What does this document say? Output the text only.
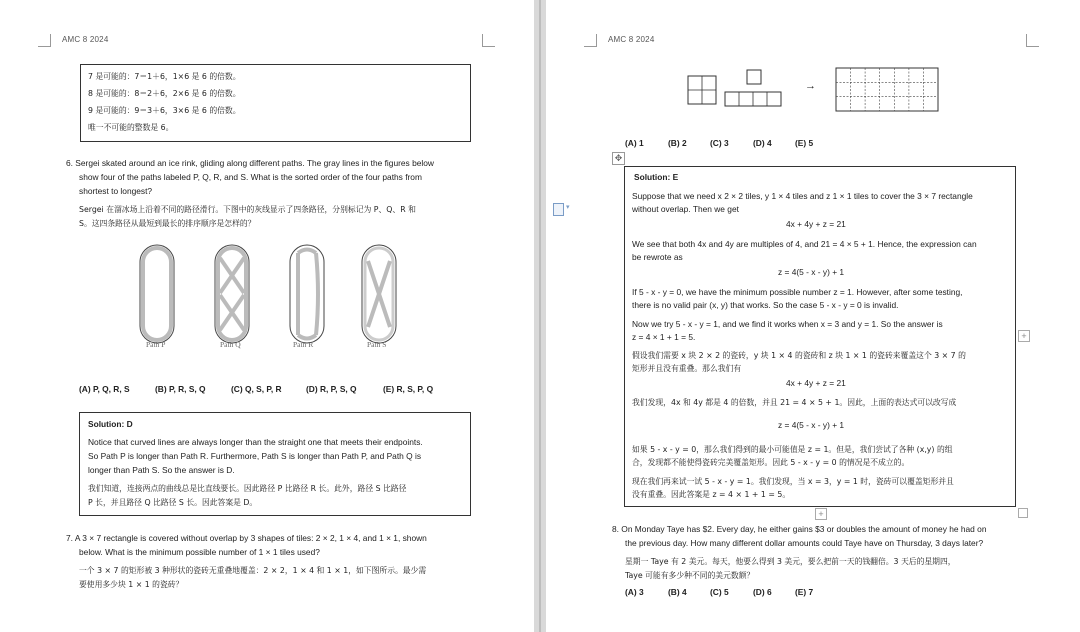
AMC 8 2024
7 是可能的：7＝1＋6，1×6 是 6 的倍数。
8 是可能的：8＝2＋6，2×6 是 6 的倍数。
9 是可能的：9＝3＋6，3×6 是 6 的倍数。
唯一不可能的整数是 6。
6. Sergei skated around an ice rink, gliding along different paths. The gray lines in the figures below
show four of the paths labeled P, Q, R, and S. What is the sorted order of the four paths from
shortest to longest?
Sergei 在溜冰场上沿着不同的路径滑行。下图中的灰线显示了四条路径，分别标记为 P、Q、R 和
S。这四条路径从最短到最长的排序顺序是怎样的？
Path P	Path Q	Path R	Path S
(A) P, Q, R, S	(B) P, R, S, Q	(C) Q, S, P, R	(D) R, P, S, Q	(E) R, S, P, Q
Solution: D
Notice that curved lines are always longer than the straight one that meets their endpoints.
So Path P is longer than Path R. Furthermore, Path S is longer than Path P, and Path Q is
longer than Path S. So the answer is D.
我们知道，连接两点的曲线总是比直线要长。因此路径 P 比路径 R 长。此外，路径 S 比路径
P 长，并且路径 Q 比路径 S 长。因此答案是 D。
7. A 3 × 7 rectangle is covered without overlap by 3 shapes of tiles: 2 × 2, 1 × 4, and 1 × 1, shown
below. What is the minimum possible number of 1 × 1 tiles used?
一个 3 × 7 的矩形被 3 种形状的瓷砖无重叠地覆盖：2 × 2，1 × 4 和 1 × 1，如下图所示。最少需
要使用多少块 1 × 1 的瓷砖？
AMC 8 2024
→
(A) 1	(B) 2	(C) 3	(D) 4	(E) 5
✥
Solution: E
Suppose that we need x 2 × 2 tiles, y 1 × 4 tiles and z 1 × 1 tiles to cover the 3 × 7 rectangle
without overlap. Then we get
4x + 4y + z = 21
We see that both 4x and 4y are multiples of 4, and 21 = 4 × 5 + 1. Hence, the expression can
be rewrote as
z = 4(5 - x - y) + 1
If 5 - x - y = 0, we have the minimum possible number z = 1. However, after some testing,
there is no valid pair (x, y) that works. So the case 5 - x - y = 0 is invalid.
Now we try 5 - x - y = 1, and we find it works when x = 3 and y = 1. So the answer is
z = 4 × 1 + 1 = 5.
假设我们需要 x 块 2 × 2 的瓷砖，y 块 1 × 4 的瓷砖和 z 块 1 × 1 的瓷砖来覆盖这个 3 × 7 的
矩形并且没有重叠。那么我们有
4x + 4y + z = 21
我们发现，4x 和 4y 都是 4 的倍数，并且 21 = 4 × 5 + 1。因此，上面的表达式可以改写成
z = 4(5 - x - y) + 1
如果 5 - x - y = 0，那么我们得到的最小可能值是 z = 1。但是，我们尝试了各种 (x,y) 的组
合，发现都不能使得瓷砖完美覆盖矩形。因此 5 - x - y = 0 的情况是不成立的。
现在我们再来试一试 5 - x - y = 1。我们发现，当 x = 3，y = 1 时，瓷砖可以覆盖矩形并且
没有重叠。因此答案是 z = 4 × 1 + 1 = 5。
+
+
8. On Monday Taye has $2. Every day, he either gains $3 or doubles the amount of money he had on
the previous day. How many different dollar amounts could Taye have on Thursday, 3 days later?
星期一 Taye 有 2 美元。每天，他要么得到 3 美元，要么把前一天的钱翻倍。3 天后的星期四，
Taye 可能有多少种不同的美元数额？
(A) 3	(B) 4	(C) 5	(D) 6	(E) 7
▾
